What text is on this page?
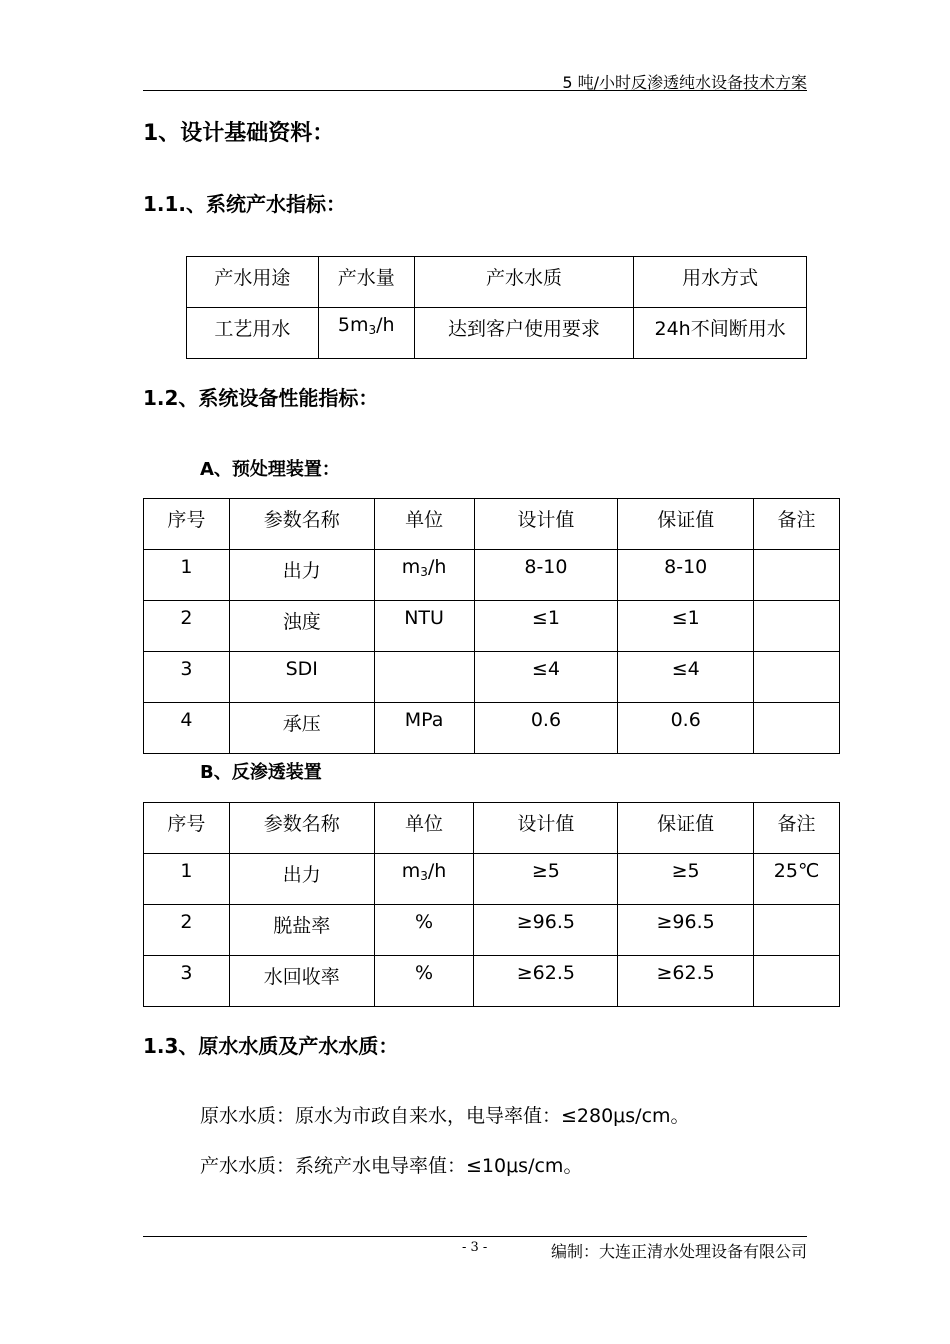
5 吨/小时反渗透纯水设备技术方案
1、设计基础资料：
1.1.、系统产水指标：
产水用途	产水量	产水水质	用水方式
工艺用水	$5m_3/h$	达到客户使用要求	24h不间断用水
1.2、系统设备性能指标：
A、预处理装置：
序号	参数名称	单位	设计值	保证值	备注
1	出力	$m_3/h$	8-10	8-10	
2	浊度	NTU	≤1	≤1	
3	SDI		≤4	≤4	
4	承压	MPa	0.6	0.6	
B、反渗透装置
序号	参数名称	单位	设计值	保证值	备注
1	出力	$m_3/h$	≥5	≥5	25℃
2	脱盐率	%	≥96.5	≥96.5	
3	水回收率	%	≥62.5	≥62.5	
1.3、原水水质及产水水质：
原水水质：原水为市政自来水，电导率值：≤280μs/cm。
产水水质：系统产水电导率值：≤10μs/cm。
- 3 -	编制：大连正清水处理设备有限公司
